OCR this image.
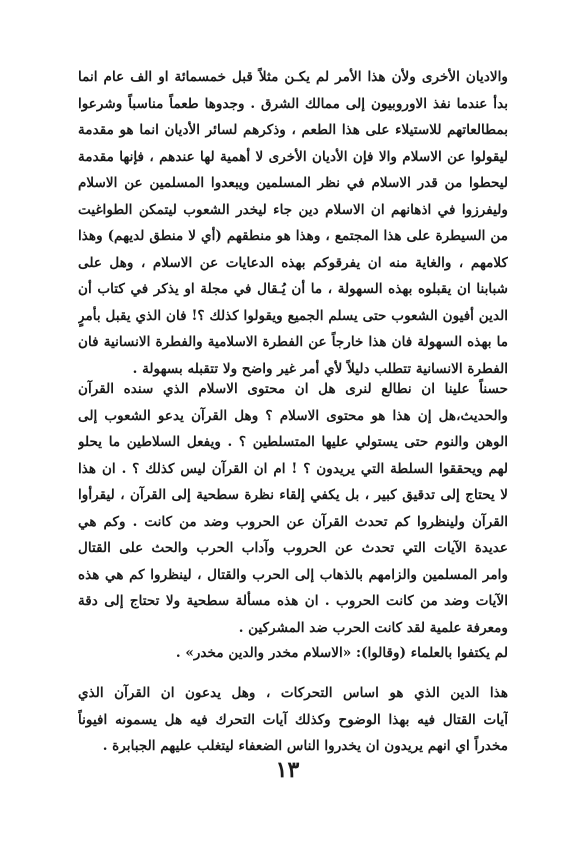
والاديان الأخرى ولأن هذا الأمر لم يكـن مثلاً قبل خمسمائة او الف عام انما
بدأ عندما نفذ الاوروبيون إلى ممالك الشرق . وجدوها طعماً مناسباً وشرعوا
بمطالعاتهم للاستيلاء على هذا الطعم ، وذكرهم لسائر الأديان انما هو مقدمة
ليقولوا عن الاسلام والا فإن الأديان الأخرى لا أهمية لها عندهم ، فإنها مقدمة
ليحطوا من قدر الاسلام في نظر المسلمين ويبعدوا المسلمين عن الاسلام
وليفرزوا في اذهانهم ان الاسلام دين جاء ليخدر الشعوب ليتمكن الطواغيت
من السيطرة على هذا المجتمع ، وهذا هو منطقهم (أي لا منطق لديهم) وهذا
كلامهم ، والغاية منه ان يفرقوكم بهذه الدعايات عن الاسلام ، وهل على
شبابنا ان يقبلوه بهذه السهولة ، ما أن يُـقال في مجلة او يذكر في كتاب أن
الدين أفيون الشعوب حتى يسلم الجميع ويقولوا كذلك ؟! فان الذي يقبل بأمرٍ
ما بهذه السهولة فان هذا خارجاً عن الفطرة الاسلامية والفطرة الانسانية فان
الفطرة الانسانية تتطلب دليلاً لأي أمر غير واضح ولا تتقبله بسهولة .
حسناً علينا ان نطالع لنرى هل ان محتوى الاسلام الذي سنده القرآن
والحديث،هل إن هذا هو محتوى الاسلام ؟ وهل القرآن يدعو الشعوب إلى
الوهن والنوم حتى يستولي عليها المتسلطين ؟ . ويفعل السلاطين ما يحلو
لهم ويحققوا السلطة التي يريدون ؟ ! ام ان القرآن ليس كذلك ؟ . ان هذا
لا يحتاج إلى تدقيق كبير ، بل يكفي إلقاء نظرة سطحية إلى القرآن ، ليقرأوا
القرآن ولينظروا كم تحدث القرآن عن الحروب وضد من كانت . وكم هي
عديدة الآيات التي تحدث عن الحروب وآداب الحرب والحث على القتال
وامر المسلمين والزامهم بالذهاب إلى الحرب والقتال ، لينظروا كم هي هذه
الآيات وضد من كانت الحروب . ان هذه مسألة سطحية ولا تحتاج إلى دقة
ومعرفة علمية لقد كانت الحرب ضد المشركين .
لم يكتفوا بالعلماء (وقالوا): «الاسلام مخدر والدين مخدر» .
هذا الدين الذي هو اساس التحركات ، وهل يدعون ان القرآن الذي
آيات القتال فيه بهذا الوضوح وكذلك آيات التحرك فيه هل يسمونه افيوناً
مخدراً اي انهم يريدون ان يخدروا الناس الضعفاء ليتغلب عليهم الجبابرة .
١٣
